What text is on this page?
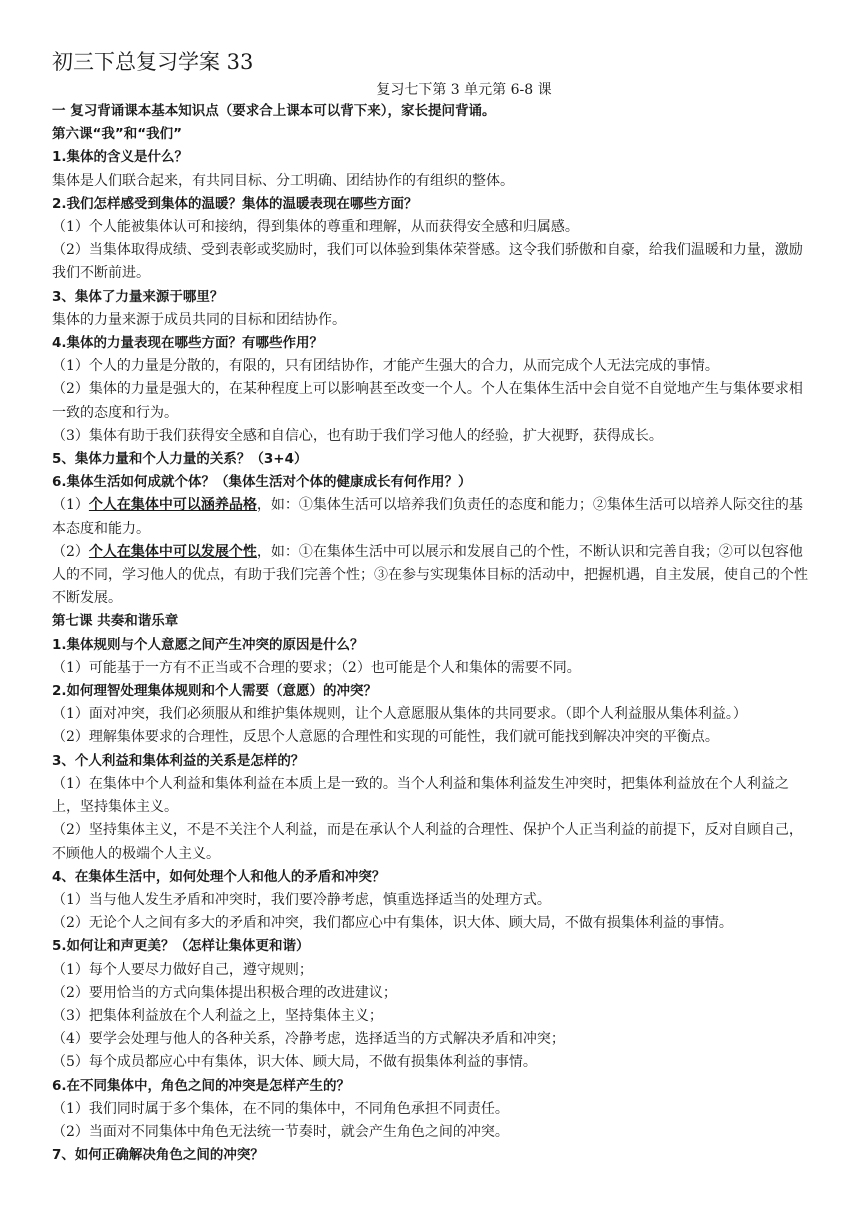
初三下总复习学案 33
复习七下第 3 单元第 6-8 课

一 复习背诵课本基本知识点（要求合上课本可以背下来），家长提问背诵。

第六课“我”和“我们”

1.集体的含义是什么？

集体是人们联合起来，有共同目标、分工明确、团结协作的有组织的整体。

2.我们怎样感受到集体的温暖？集体的温暖表现在哪些方面？

（1）个人能被集体认可和接纳，得到集体的尊重和理解，从而获得安全感和归属感。

（2）当集体取得成绩、受到表彰或奖励时，我们可以体验到集体荣誉感。这令我们骄傲和自豪，给我们温暖和力量，激励我们不断前进。

3、集体了力量来源于哪里？

集体的力量来源于成员共同的目标和团结协作。

4.集体的力量表现在哪些方面？有哪些作用？

（1）个人的力量是分散的，有限的，只有团结协作，才能产生强大的合力，从而完成个人无法完成的事情。

（2）集体的力量是强大的，在某种程度上可以影响甚至改变一个人。个人在集体生活中会自觉不自觉地产生与集体要求相一致的态度和行为。

（3）集体有助于我们获得安全感和自信心，也有助于我们学习他人的经验，扩大视野，获得成长。

5、集体力量和个人力量的关系？（3+4）

6.集体生活如何成就个体？（集体生活对个体的健康成长有何作用？）

（1）个人在集体中可以涵养品格，如：①集体生活可以培养我们负责任的态度和能力；②集体生活可以培养人际交往的基本态度和能力。

（2）个人在集体中可以发展个性，如：①在集体生活中可以展示和发展自己的个性，不断认识和完善自我；②可以包容他人的不同，学习他人的优点，有助于我们完善个性；③在参与实现集体目标的活动中，把握机遇，自主发展，使自己的个性不断发展。

第七课 共奏和谐乐章

1.集体规则与个人意愿之间产生冲突的原因是什么？

（1）可能基于一方有不正当或不合理的要求；（2）也可能是个人和集体的需要不同。

2.如何理智处理集体规则和个人需要（意愿）的冲突？

（1）面对冲突，我们必须服从和维护集体规则，让个人意愿服从集体的共同要求。（即个人利益服从集体利益。）

（2）理解集体要求的合理性，反思个人意愿的合理性和实现的可能性，我们就可能找到解决冲突的平衡点。

3、个人利益和集体利益的关系是怎样的？

（1）在集体中个人利益和集体利益在本质上是一致的。当个人利益和集体利益发生冲突时，把集体利益放在个人利益之上，坚持集体主义。

（2）坚持集体主义，不是不关注个人利益，而是在承认个人利益的合理性、保护个人正当利益的前提下，反对自顾自己，不顾他人的极端个人主义。

4、在集体生活中，如何处理个人和他人的矛盾和冲突？

（1）当与他人发生矛盾和冲突时，我们要冷静考虑，慎重选择适当的处理方式。

（2）无论个人之间有多大的矛盾和冲突，我们都应心中有集体，识大体、顾大局，不做有损集体利益的事情。

5.如何让和声更美？（怎样让集体更和谐）

（1）每个人要尽力做好自己，遵守规则；

（2）要用恰当的方式向集体提出积极合理的改进建议；

（3）把集体利益放在个人利益之上，坚持集体主义；

（4）要学会处理与他人的各种关系，冷静考虑，选择适当的方式解决矛盾和冲突；

（5）每个成员都应心中有集体，识大体、顾大局，不做有损集体利益的事情。

6.在不同集体中，角色之间的冲突是怎样产生的？

（1）我们同时属于多个集体，在不同的集体中，不同角色承担不同责任。

（2）当面对不同集体中角色无法统一节奏时，就会产生角色之间的冲突。

7、如何正确解决角色之间的冲突？
